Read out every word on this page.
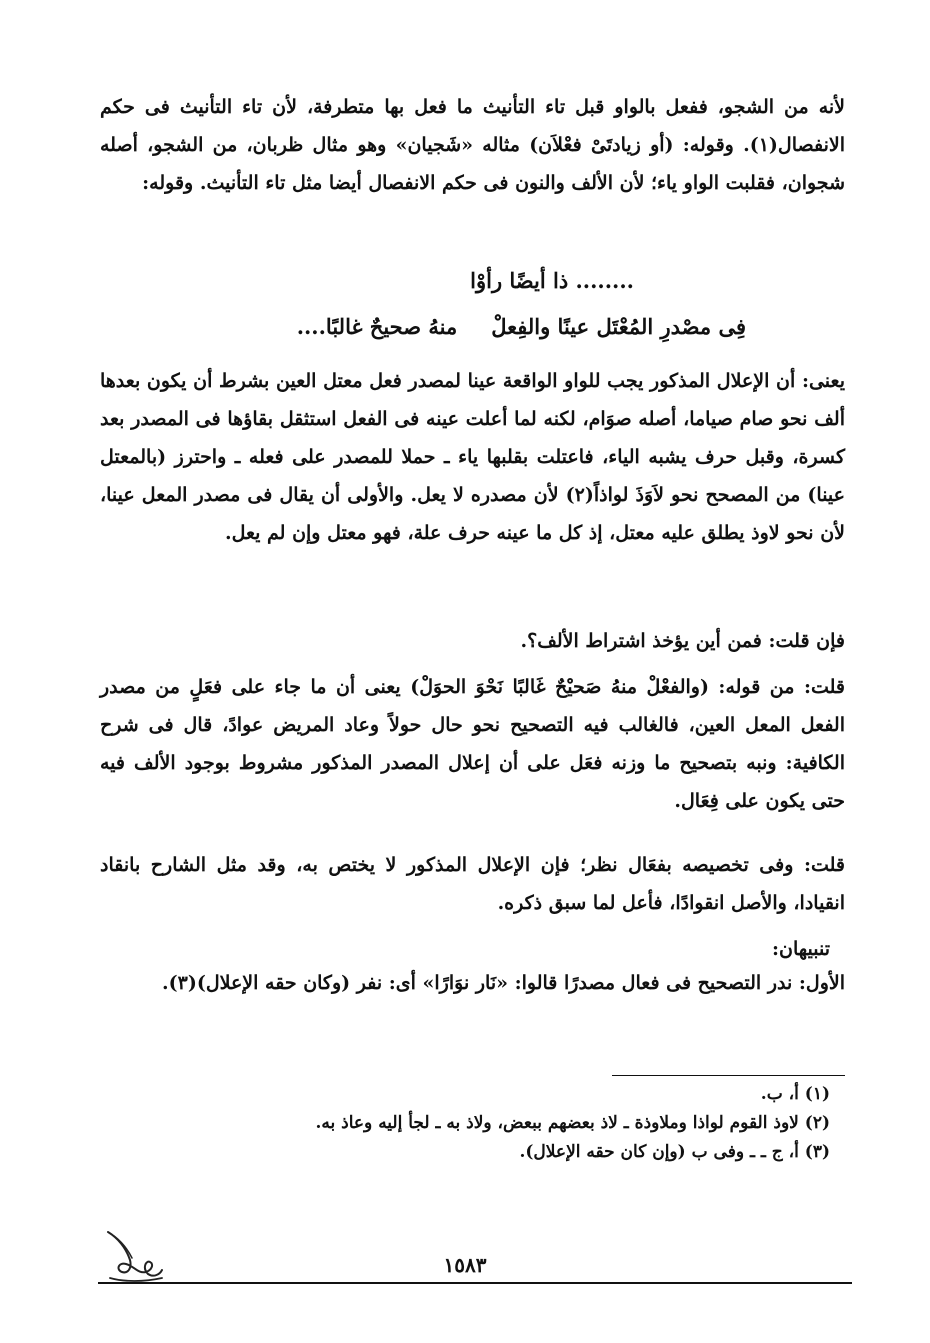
لأنه من الشجو، ففعل بالواو قبل تاء التأنيث ما فعل بها متطرفة، لأن تاء التأنيث فى حكم الانفصال(١). وقوله: (أو زيادتَىْ فعْلاَن) مثاله «شَجيان» وهو مثال ظربان، من الشجو، أصله شجوان، فقلبت الواو ياء؛ لأن الألف والنون فى حكم الانفصال أيضا مثل تاء التأنيث. وقوله:
........ ذا أيضًا رأوْا
فِى مصْدرِ المُعْتَل عينًا والفِعلْمنهُ صحيحٌ غالبًا....
يعنى: أن الإعلال المذكور يجب للواو الواقعة عينا لمصدر فعل معتل العين بشرط أن يكون بعدها ألف نحو صام صياما، أصله صوَام، لكنه لما أعلت عينه فى الفعل استثقل بقاؤها فى المصدر بعد كسرة، وقبل حرف يشبه الياء، فاعتلت بقلبها ياء ـ حملا للمصدر على فعله ـ واحترز (بالمعتل عينا) من المصحح نحو لاَوَذَ لواذاً(٢) لأن مصدره لا يعل. والأولى أن يقال فى مصدر المعل عينا، لأن نحو لاوذ يطلق عليه معتل، إذ كل ما عينه حرف علة، فهو معتل وإن لم يعل.
فإن قلت: فمن أين يؤخذ اشتراط الألف؟.
قلت: من قوله: (والفعْلْ منهُ صَحيْحٌ غَالبًا نَحْوَ الحوَلْ) يعنى أن ما جاء على فعَلٍ من مصدر الفعل المعل العين، فالغالب فيه التصحيح نحو حال حولاً وعاد المريض عوادً، قال فى شرح الكافية: ونبه بتصحيح ما وزنه فعَل على أن إعلال المصدر المذكور مشروط بوجود الألف فيه حتى يكون على فِعَال.
قلت: وفى تخصيصه بفعَال نظر؛ فإن الإعلال المذكور لا يختص به، وقد مثل الشارح بانقاد انقيادا، والأصل انقوادًا، فأعل لما سبق ذكره.
تنبيهان:
الأول: ندر التصحيح فى فعال مصدرًا قالوا: «نَار نوَارًا» أى: نفر (وكان حقه الإعلال)(٣).
(١) أ، ب.
(٢) لاوذ القوم لواذا وملاوذة ـ لاذ بعضهم ببعض، ولاذ به ـ لجأ إليه وعاذ به.
(٣) أ، ج ـ ـ وفى ب (وإن كان حقه الإعلال).
١٥٨٣
